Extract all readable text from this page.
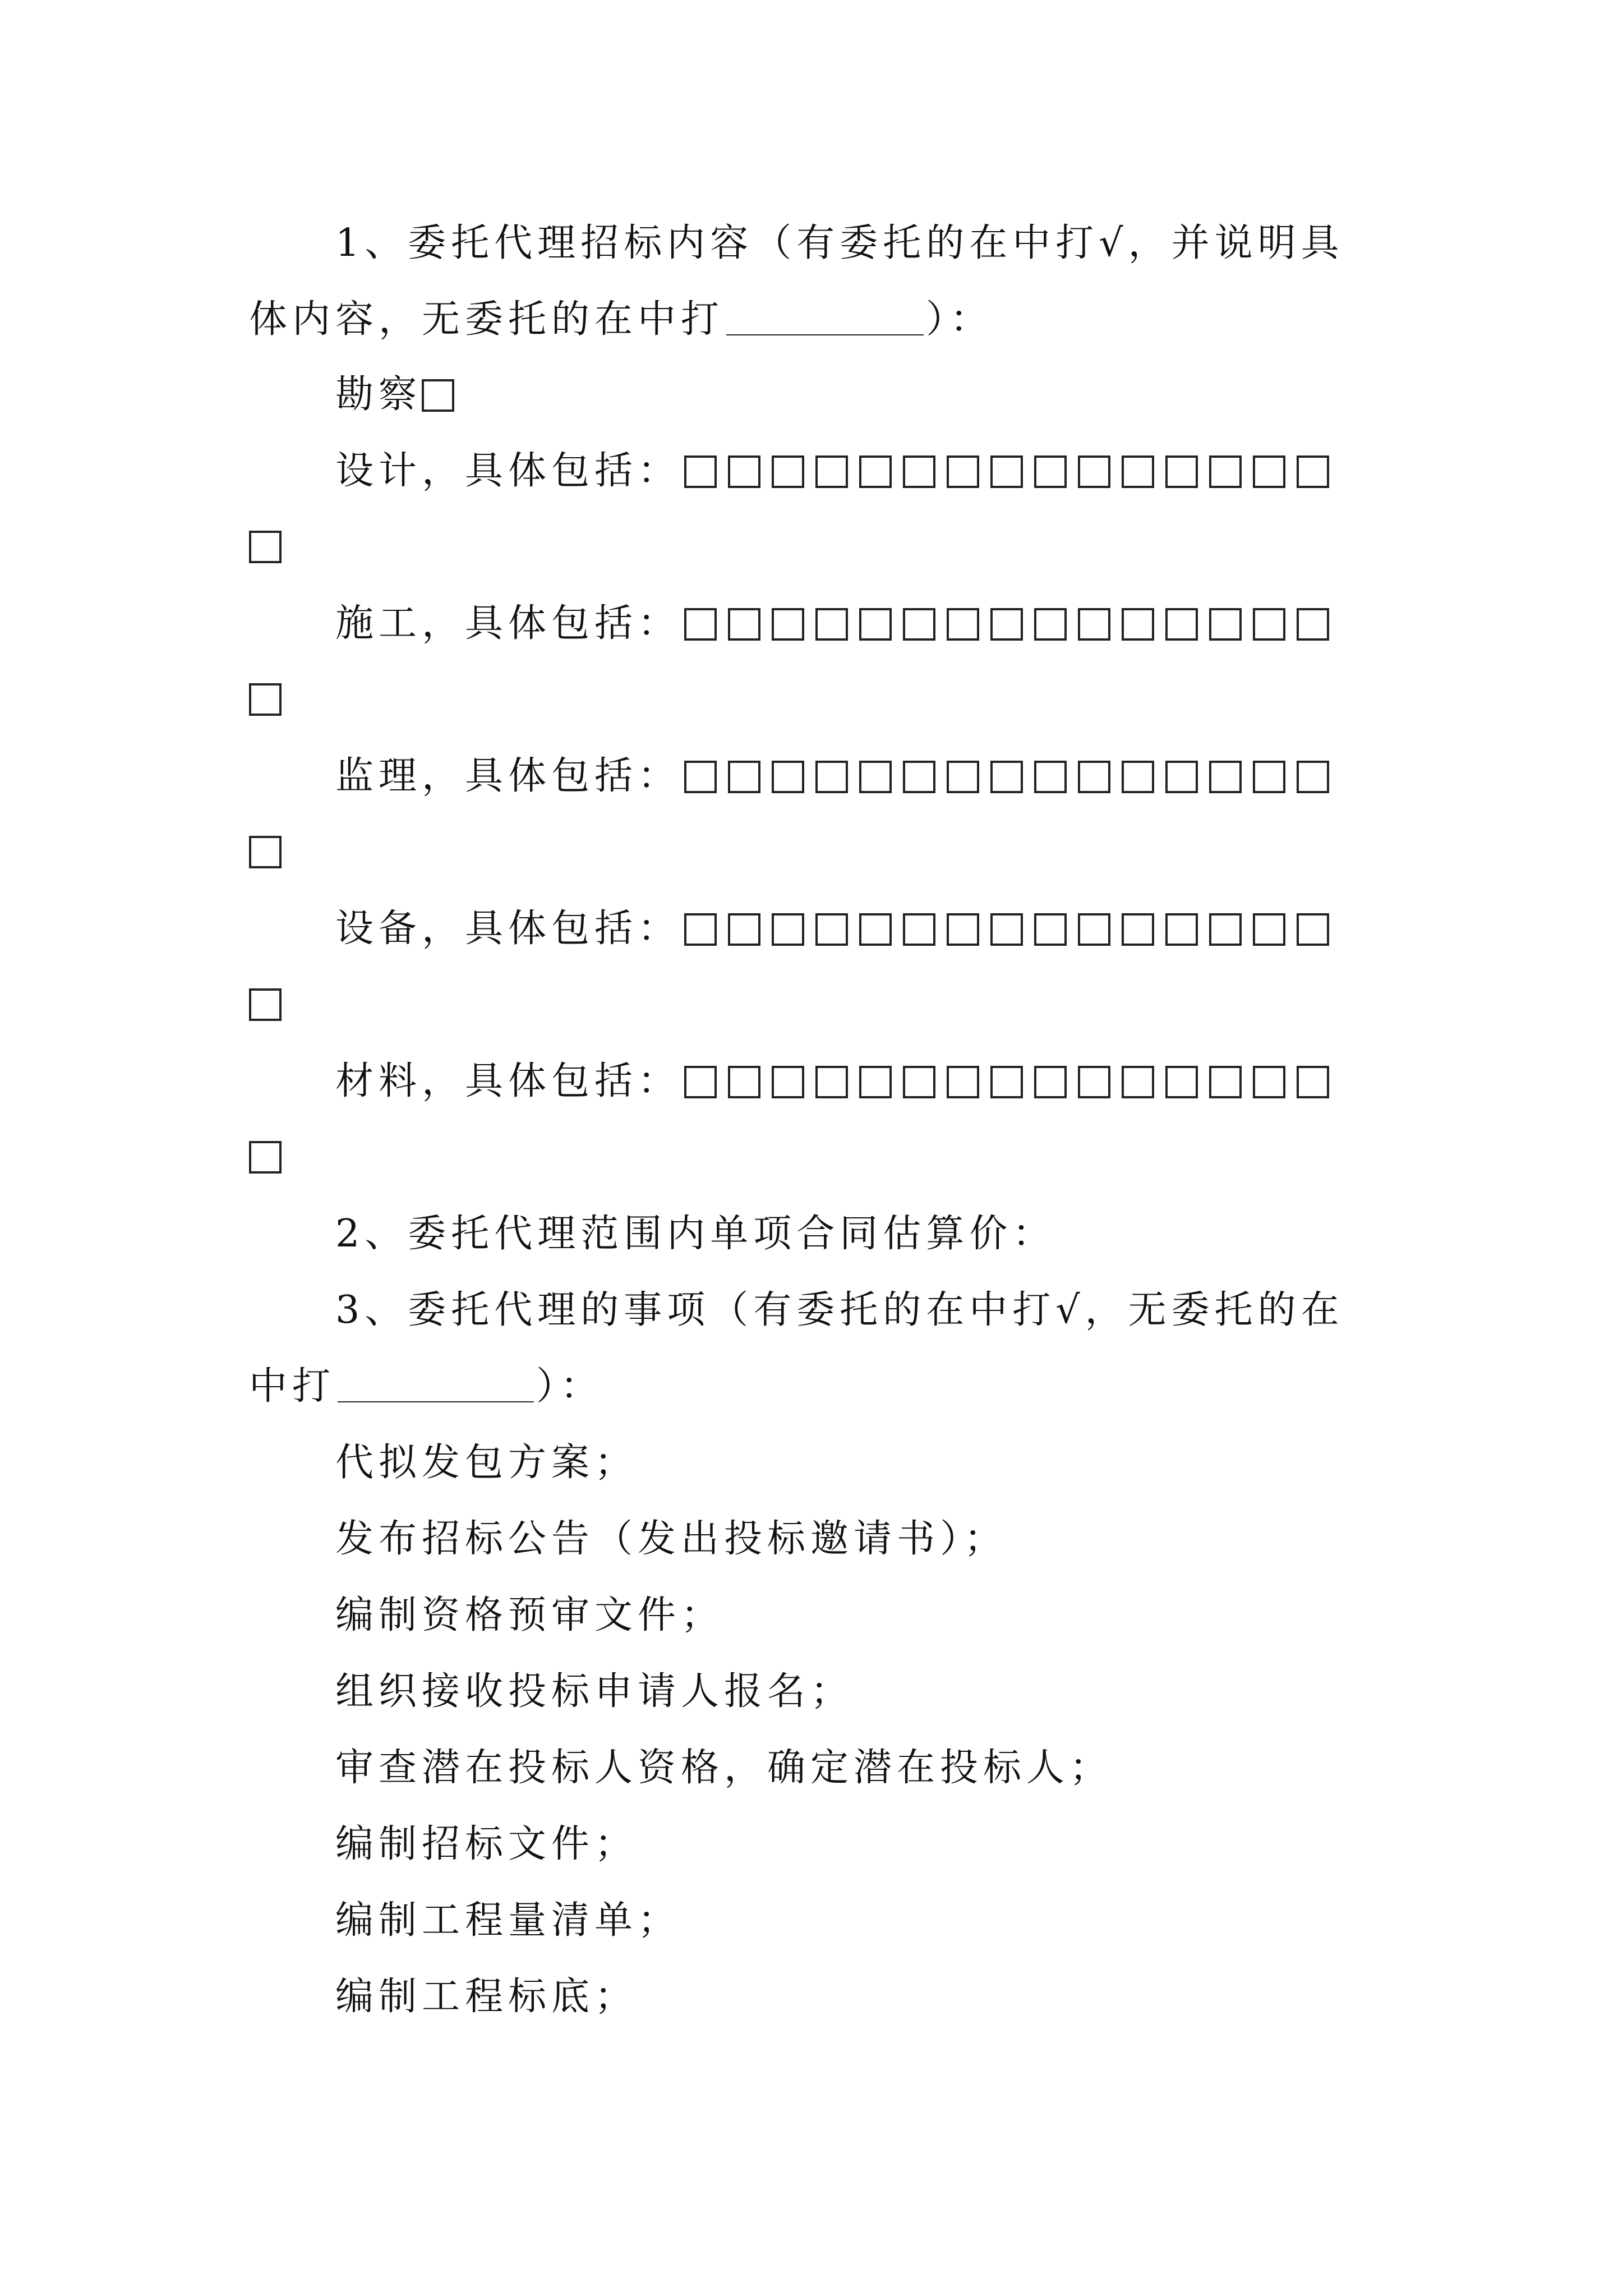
1、委托代理招标内容（有委托的在中打√，并说明具
体内容，无委托的在中打	）：
勘察
设计，具体包括：
施工，具体包括：
监理，具体包括：
设备，具体包括：
材料，具体包括：
2、委托代理范围内单项合同估算价：
3、委托代理的事项（有委托的在中打√，无委托的在
中打	）：
代拟发包方案；
发布招标公告（发出投标邀请书）；
编制资格预审文件；
组织接收投标申请人报名；
审查潜在投标人资格，确定潜在投标人；
编制招标文件；
编制工程量清单；
编制工程标底；
